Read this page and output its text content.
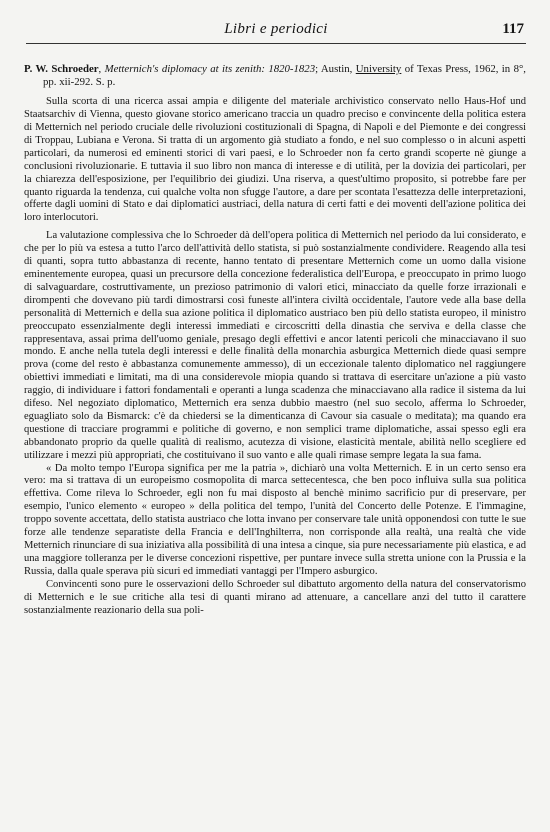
Libri e periodici	117

P. W. Schroeder, Metternich's diplomacy at its zenith: 1820-1823; Austin, University of Texas Press, 1962, in 8°, pp. xii-292. S. p.

Sulla scorta di una ricerca assai ampia e diligente del materiale archivistico conservato nello Haus-Hof und Staatsarchiv di Vienna, questo giovane storico americano traccia un quadro preciso e convincente della politica estera di Metternich nel periodo cruciale delle rivoluzioni costituzionali di Spagna, di Napoli e del Piemonte e dei congressi di Troppau, Lubiana e Verona. Si tratta di un argomento già studiato a fondo, e nel suo complesso o in alcuni aspetti particolari, da numerosi ed eminenti storici di vari paesi, e lo Schroeder non fa certo grandi scoperte nè giunge a conclusioni rivoluzionarie. E tuttavia il suo libro non manca di interesse e di utilità, per la dovizia dei particolari, per la chiarezza dell'esposizione, per l'equilibrio dei giudizi. Una riserva, a quest'ultimo proposito, si potrebbe fare per quanto riguarda la tendenza, cui qualche volta non sfugge l'autore, a dare per scontata l'esattezza delle interpretazioni, offerte dagli uomini di Stato e dai diplomatici austriaci, della natura di certi fatti e dei moventi dell'azione politica dei loro interlocutori.

La valutazione complessiva che lo Schroeder dà dell'opera politica di Metternich nel periodo da lui considerato, e che per lo più va estesa a tutto l'arco dell'attività dello statista, si può sostanzialmente condividere. Reagendo alla tesi di quanti, sopra tutto abbastanza di recente, hanno tentato di presentare Metternich come un uomo dalla visione eminentemente europea, quasi un precursore della concezione federalistica dell'Europa, e preoccupato in primo luogo di salvaguardare, costruttivamente, un prezioso patrimonio di valori etici, minacciato da quelle forze irrazionali e dirompenti che dovevano più tardi dimostrarsi così funeste all'intera civiltà occidentale, l'autore vede alla base della personalità di Metternich e della sua azione politica il diplomatico austriaco ben più dello statista europeo, il ministro preoccupato essenzialmente degli interessi immediati e circoscritti della dinastia che serviva e della classe che rappresentava, assai prima dell'uomo geniale, presago degli effettivi e ancor latenti pericoli che minacciavano il suo mondo. E anche nella tutela degli interessi e delle finalità della monarchia asburgica Metternich diede quasi sempre prova (come del resto è abbastanza comunemente ammesso), di un eccezionale talento diplomatico nel raggiungere obiettivi immediati e limitati, ma di una considerevole miopia quando si trattava di esercitare un'azione a più vasto raggio, di individuare i fattori fondamentali e operanti a lunga scadenza che minacciavano alla radice il sistema da lui difeso. Nel negoziato diplomatico, Metternich era senza dubbio maestro (nel suo secolo, afferma lo Schroeder, eguagliato solo da Bismarck: c'è da chiedersi se la dimenticanza di Cavour sia casuale o meditata); ma quando era questione di tracciare programmi e politiche di governo, e non semplici trame diplomatiche, assai spesso egli era abbandonato proprio da quelle qualità di realismo, acutezza di visione, elasticità mentale, abilità nello scegliere ed utilizzare i mezzi più appropriati, che costituivano il suo vanto e alle quali rimase sempre legata la sua fama.

« Da molto tempo l'Europa significa per me la patria », dichiarò una volta Metternich. E in un certo senso era vero: ma si trattava di un europeismo cosmopolita di marca settecentesca, che ben poco influiva sulla sua politica effettiva. Come rileva lo Schroeder, egli non fu mai disposto al benchè minimo sacrificio pur di preservare, per esempio, l'unico elemento « europeo » della politica del tempo, l'unità del Concerto delle Potenze. E l'immagine, troppo sovente accettata, dello statista austriaco che lotta invano per conservare tale unità opponendosi con tutte le sue forze alle tendenze separatiste della Francia e dell'Inghilterra, non corrisponde alla realtà, una realtà che vide Metternich rinunciare di sua iniziativa alla possibilità di una intesa a cinque, sia pure necessariamente più elastica, e ad una maggiore tolleranza per le diverse concezioni rispettive, per puntare invece sulla stretta unione con la Prussia e la Russia, dalla quale sperava più sicuri ed immediati vantaggi per l'Impero asburgico.

Convincenti sono pure le osservazioni dello Schroeder sul dibattuto argomento della natura del conservatorismo di Metternich e le sue critiche alla tesi di quanti mirano ad attenuare, a cancellare anzi del tutto il carattere sostanzialmente reazionario della sua poli-
